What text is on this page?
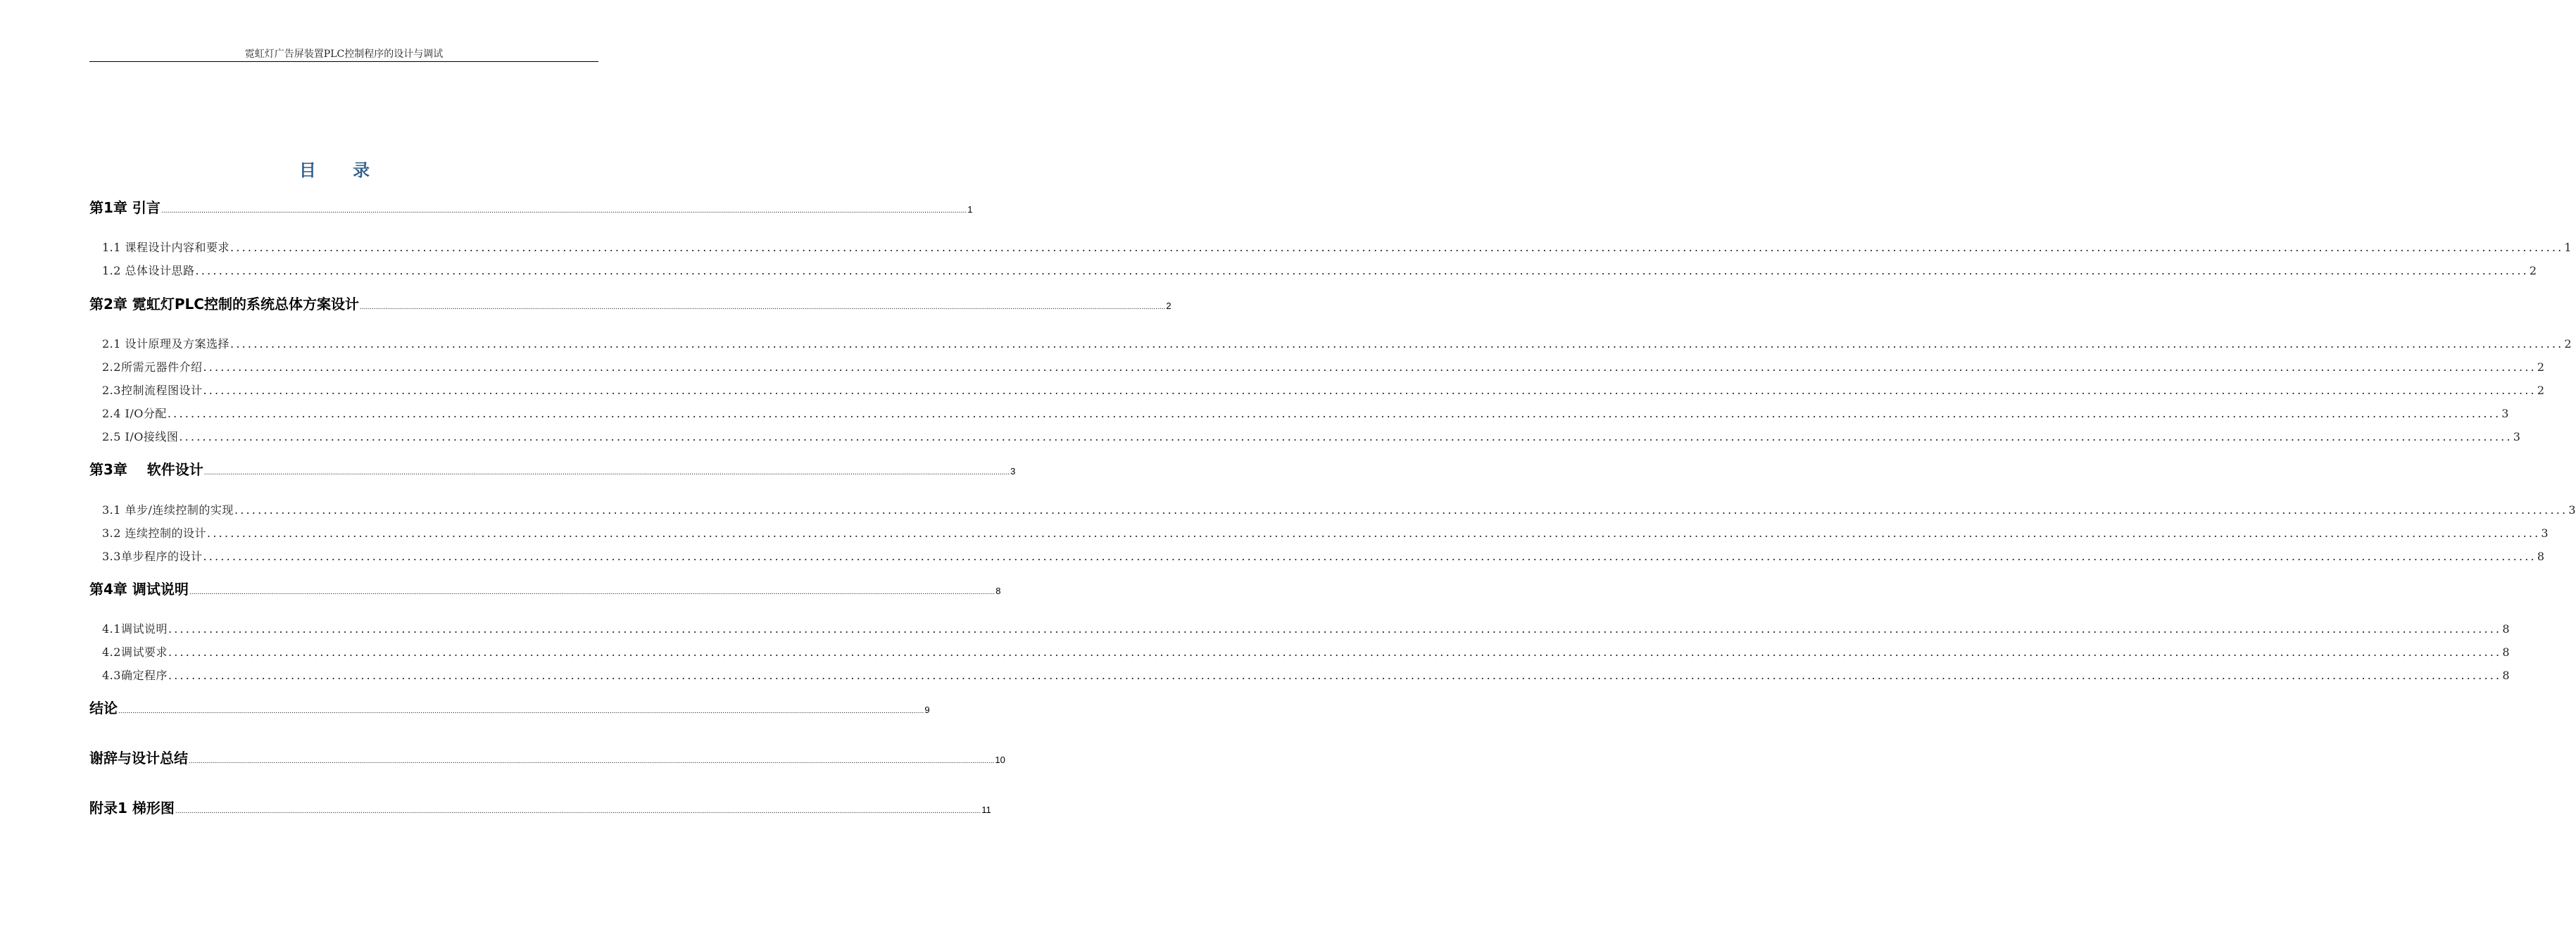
霓虹灯广告屏装置PLC控制程序的设计与调试
目 录
第1章 引言 ................................................................................................................................................................................................................................................................................................................................................................................................................ 1
1.1 课程设计内容和要求 ................................................................................................................................................................................................................................................................................................................................................................................................................ 1
1.2 总体设计思路 ................................................................................................................................................................................................................................................................................................................................................................................................................ 2
第2章 霓虹灯PLC控制的系统总体方案设计 ................................................................................................................................................................................................................................................................................................................................................................................................................ 2
2.1 设计原理及方案选择 ................................................................................................................................................................................................................................................................................................................................................................................................................ 2
2.2所需元器件介绍 ................................................................................................................................................................................................................................................................................................................................................................................................................ 2
2.3控制流程图设计 ................................................................................................................................................................................................................................................................................................................................................................................................................ 2
2.4 I/O分配 ................................................................................................................................................................................................................................................................................................................................................................................................................ 3
2.5 I/O接线图 ................................................................................................................................................................................................................................................................................................................................................................................................................ 3
第3章    软件设计 ................................................................................................................................................................................................................................................................................................................................................................................................................ 3
3.1 单步/连续控制的实现 ................................................................................................................................................................................................................................................................................................................................................................................................................ 3
3.2 连续控制的设计 ................................................................................................................................................................................................................................................................................................................................................................................................................ 3
3.3单步程序的设计 ................................................................................................................................................................................................................................................................................................................................................................................................................ 8
第4章 调试说明 ................................................................................................................................................................................................................................................................................................................................................................................................................ 8
4.1调试说明 ................................................................................................................................................................................................................................................................................................................................................................................................................ 8
4.2调试要求 ................................................................................................................................................................................................................................................................................................................................................................................................................ 8
4.3确定程序 ................................................................................................................................................................................................................................................................................................................................................................................................................ 8
结论 ................................................................................................................................................................................................................................................................................................................................................................................................................ 9
谢辞与设计总结 ................................................................................................................................................................................................................................................................................................................................................................................................................ 10
附录1 梯形图 ................................................................................................................................................................................................................................................................................................................................................................................................................ 11
